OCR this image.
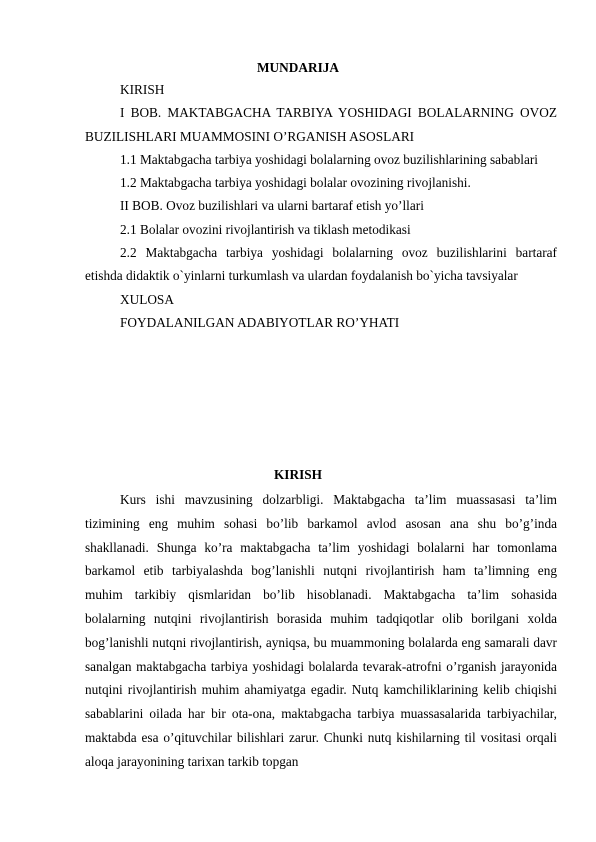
MUNDARIJA

KIRISH

I BOB. MAKTABGACHA TARBIYA YOSHIDAGI BOLALARNING OVOZ BUZILISHLARI MUAMMOSINI O’RGANISH ASOSLARI

1.1 Maktabgacha tarbiya yoshidagi bolalarning ovoz buzilishlarining sabablari

1.2 Maktabgacha tarbiya yoshidagi bolalar ovozining rivojlanishi.

II BOB. Ovoz buzilishlari va ularni bartaraf etish yo’llari

2.1 Bolalar ovozini rivojlantirish va tiklash metodikasi

2.2 Maktabgacha tarbiya yoshidagi bolalarning ovoz buzilishlarini bartaraf etishda didaktik o`yinlarni turkumlash va ulardan foydalanish bo`yicha tavsiyalar

XULOSA

FOYDALANILGAN ADABIYOTLAR RO’YHATI

KIRISH

Kurs ishi mavzusining dolzarbligi. Maktabgacha ta’lim muassasasi ta’lim tizimining eng muhim sohasi bo’lib barkamol avlod asosan ana shu bo’g’inda shakllanadi. Shunga ko’ra maktabgacha ta’lim yoshidagi bolalarni har tomonlama barkamol etib tarbiyalashda bog’lanishli nutqni rivojlantirish ham ta’limning eng muhim tarkibiy qismlaridan bo’lib hisoblanadi. Maktabgacha ta’lim sohasida bolalarning nutqini rivojlantirish borasida muhim tadqiqotlar olib borilgani xolda bog’lanishli nutqni rivojlantirish, ayniqsa, bu muammoning bolalarda eng samarali davr sanalgan maktabgacha tarbiya yoshidagi bolalarda tevarak-atrofni o’rganish jarayonida nutqini rivojlantirish muhim ahamiyatga egadir. Nutq kamchiliklarining kelib chiqishi sabablarini oilada har bir ota-ona, maktabgacha tarbiya muassasalarida tarbiyachilar, maktabda esa o’qituvchilar bilishlari zarur. Chunki nutq kishilarning til vositasi orqali aloqa jarayonining tarixan tarkib topgan
